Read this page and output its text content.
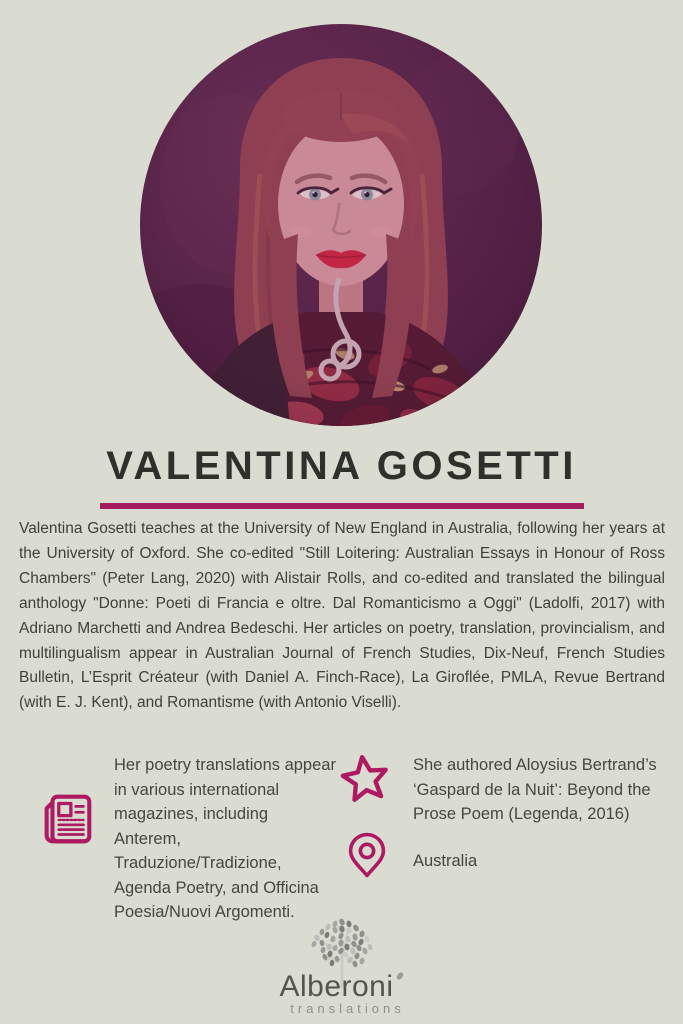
VALENTINA GOSETTI

Valentina Gosetti teaches at the University of New England in Australia, following her years at the University of Oxford. She co-edited "Still Loitering: Australian Essays in Honour of Ross Chambers" (Peter Lang, 2020) with Alistair Rolls, and co-edited and translated the bilingual anthology "Donne: Poeti di Francia e oltre. Dal Romanticismo a Oggi" (Ladolfi, 2017) with Adriano Marchetti and Andrea Bedeschi. Her articles on poetry, translation, provincialism, and multilingualism appear in Australian Journal of French Studies, Dix-Neuf, French Studies Bulletin, L’Esprit Créateur (with Daniel A. Finch-Race), La Giroflée, PMLA, Revue Bertrand (with E. J. Kent), and Romantisme (with Antonio Viselli).

Her poetry translations appear in various international magazines, including Anterem, Traduzione/Tradizione, Agenda Poetry, and Officina Poesia/Nuovi Argomenti.

She authored Aloysius Bertrand’s ‘Gaspard de la Nuit’: Beyond the Prose Poem (Legenda, 2016)

Australia

Alberoni
translations
